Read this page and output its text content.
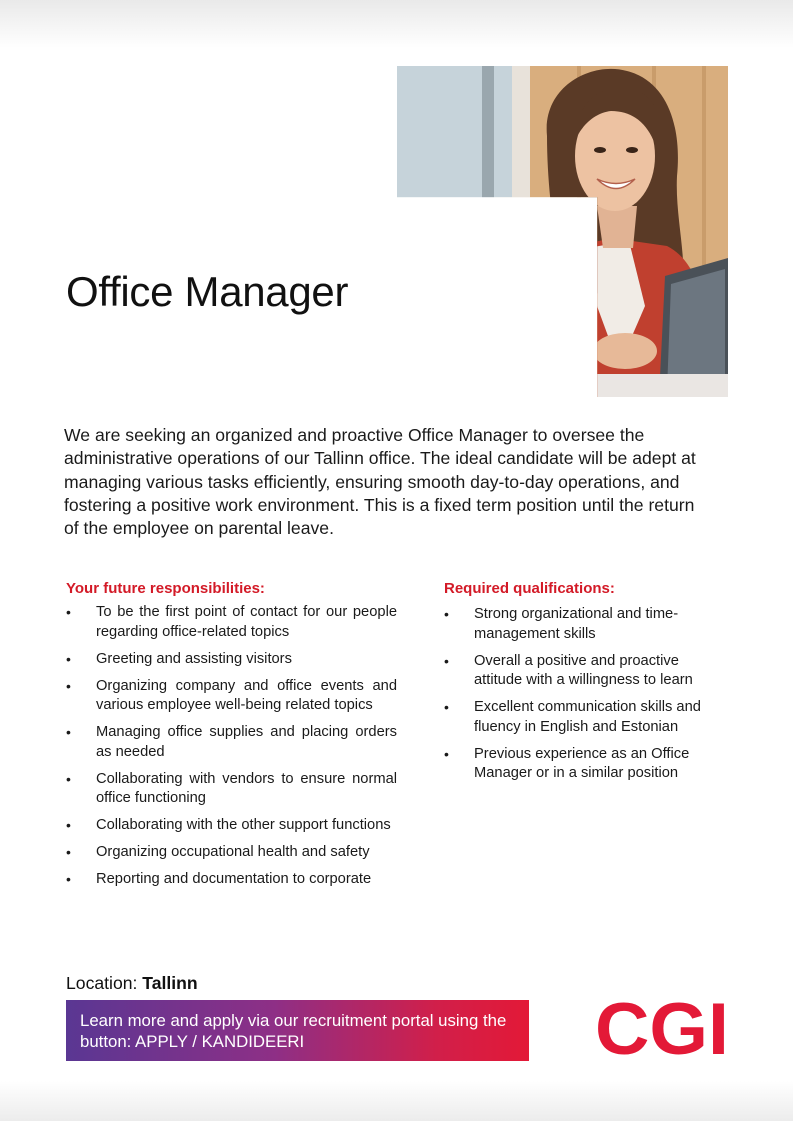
Office Manager

We are seeking an organized and proactive Office Manager to oversee the administrative operations of our Tallinn office. The ideal candidate will be adept at managing various tasks efficiently, ensuring smooth day-to-day operations, and fostering a positive work environment. This is a fixed term position until the return of the employee on parental leave.

Your future responsibilities:
•	To be the first point of contact for our people regarding office-related topics
•	Greeting and assisting visitors
•	Organizing company and office events and various employee well-being related topics
•	Managing office supplies and placing orders as needed
•	Collaborating with vendors to ensure normal office functioning
•	Collaborating with the other support functions
•	Organizing occupational health and safety
•	Reporting and documentation to corporate
Required qualifications:
•	Strong organizational and time-management skills
•	Overall a positive and proactive attitude with a willingness to learn
•	Excellent communication skills and fluency in English and Estonian
•	Previous experience as an Office Manager or in a similar position
Location: Tallinn
Learn more and apply via our recruitment portal using the button: APPLY / KANDIDEERI	CGI
